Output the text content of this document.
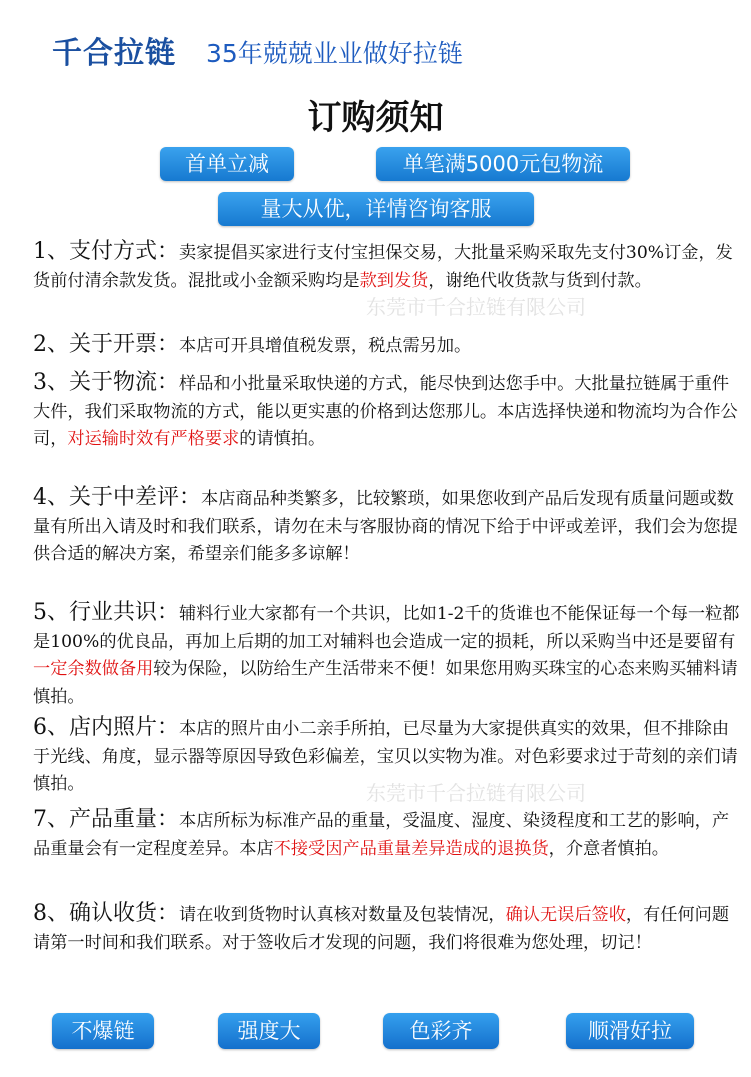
千合拉链 35年兢兢业业做好拉链
订购须知
首单立减	单笔满5000元包物流
量大从优，详情咨询客服
东莞市千合拉链有限公司
东莞市千合拉链有限公司
1、支付方式：卖家提倡买家进行支付宝担保交易，大批量采购采取先支付30%订金，发货前付清余款发货。混批或小金额采购均是款到发货，谢绝代收货款与货到付款。
2、关于开票：本店可开具增值税发票，税点需另加。
3、关于物流：样品和小批量采取快递的方式，能尽快到达您手中。大批量拉链属于重件大件，我们采取物流的方式，能以更实惠的价格到达您那儿。本店选择快递和物流均为合作公司，对运输时效有严格要求的请慎拍。
4、关于中差评：本店商品种类繁多，比较繁琐，如果您收到产品后发现有质量问题或数量有所出入请及时和我们联系，请勿在未与客服协商的情况下给于中评或差评，我们会为您提供合适的解决方案，希望亲们能多多谅解！
5、行业共识：辅料行业大家都有一个共识，比如1-2千的货谁也不能保证每一个每一粒都是100%的优良品，再加上后期的加工对辅料也会造成一定的损耗，所以采购当中还是要留有一定余数做备用较为保险，以防给生产生活带来不便！如果您用购买珠宝的心态来购买辅料请慎拍。
6、店内照片：本店的照片由小二亲手所拍，已尽量为大家提供真实的效果，但不排除由于光线、角度，显示器等原因导致色彩偏差，宝贝以实物为准。对色彩要求过于苛刻的亲们请慎拍。
7、产品重量：本店所标为标准产品的重量，受温度、湿度、染烫程度和工艺的影响，产品重量会有一定程度差异。本店不接受因产品重量差异造成的退换货，介意者慎拍。
8、确认收货：请在收到货物时认真核对数量及包装情况，确认无误后签收，有任何问题请第一时间和我们联系。对于签收后才发现的问题，我们将很难为您处理，切记！
不爆链	强度大	色彩齐	顺滑好拉
